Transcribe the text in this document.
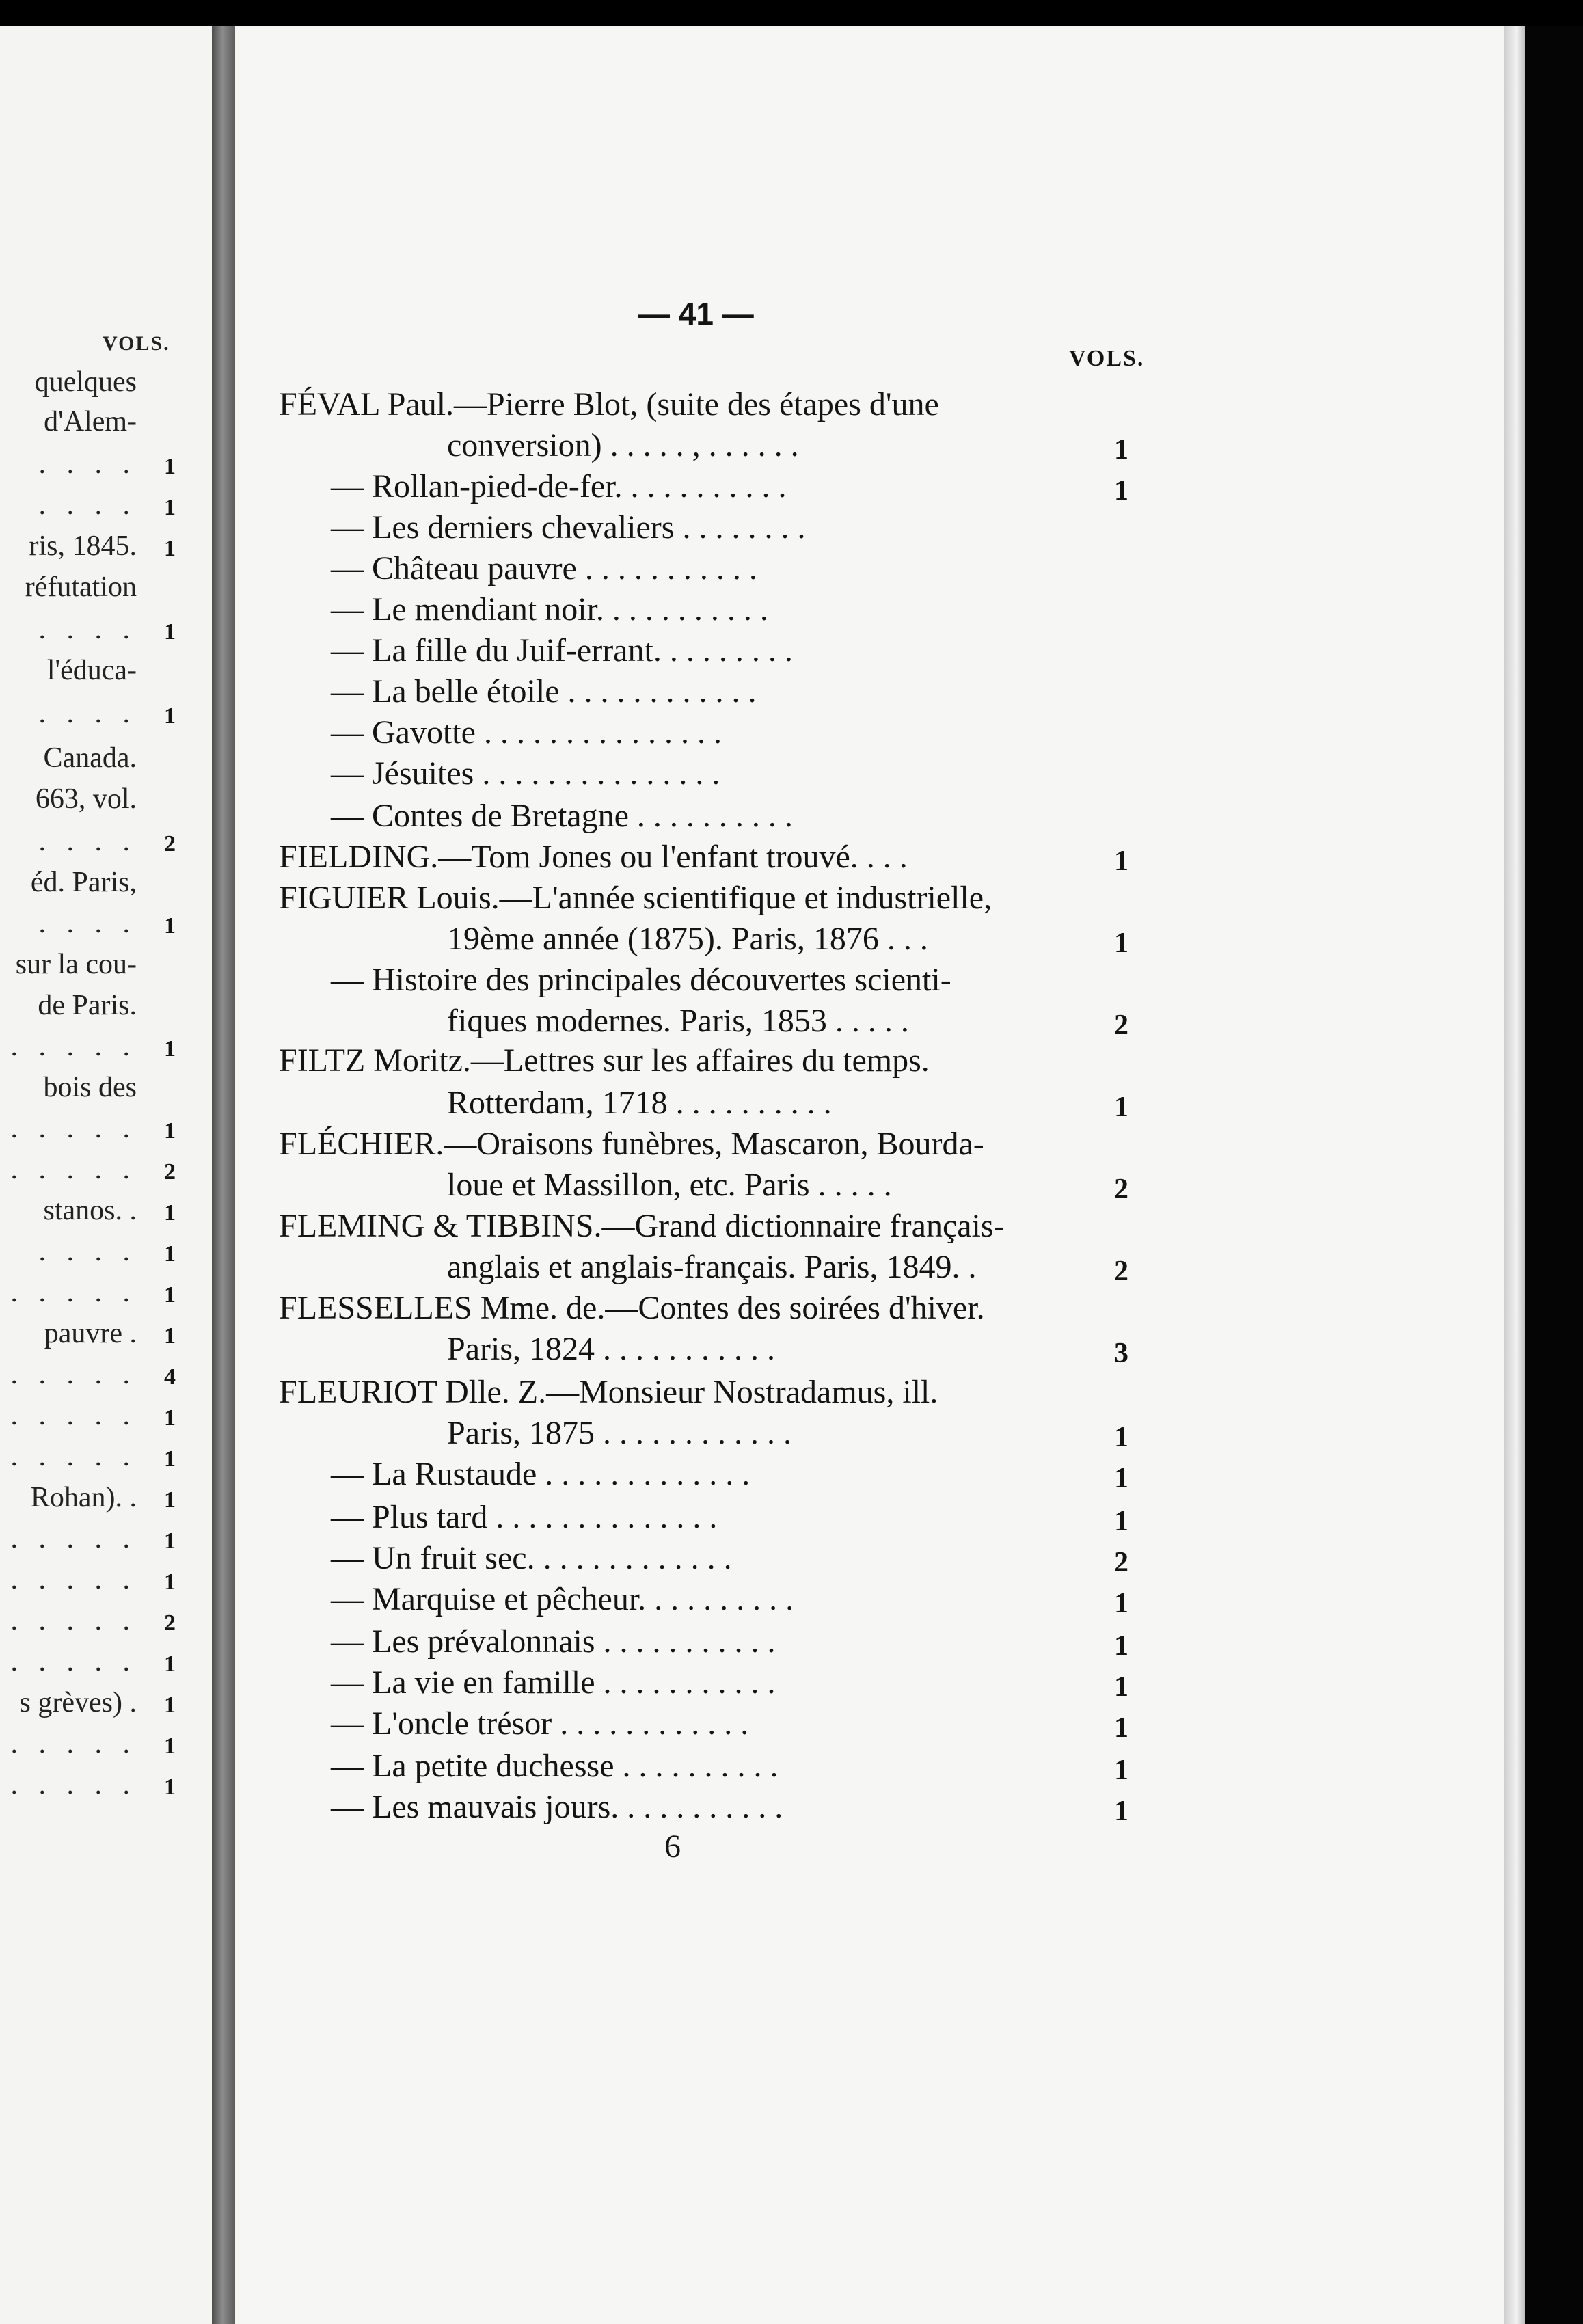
VOLS.
quelques
d'Alem-
. . . . 1
. . . . 1
ris, 1845. 1
réfutation
. . . . 1
l'éduca-
. . . . 1
Canada.
663, vol.
. . . . 2
éd. Paris,
. . . . 1
sur la cou-
de Paris.
. . . . . 1
bois des
. . . . . 1
. . . . . 2
stanos. . 1
. . . . 1
. . . . . 1
pauvre . 1
. . . . . 4
. . . . . 1
. . . . . 1
Rohan). . 1
. . . . . 1
. . . . . 1
. . . . . 2
. . . . . 1
s grèves) . 1
. . . . . 1
. . . . . 1
— 41 —
VOLS.
FÉVAL Paul.—Pierre Blot, (suite des étapes d'une
conversion) . . . . . , . . . . . .	1
— Rollan-pied-de-fer. . . . . . . . . . .	1
— Les derniers chevaliers . . . . . . . .
— Château pauvre . . . . . . . . . . .
— Le mendiant noir. . . . . . . . . . .
— La fille du Juif-errant. . . . . . . . .
— La belle étoile . . . . . . . . . . . .
— Gavotte . . . . . . . . . . . . . . .
— Jésuites . . . . . . . . . . . . . . .
— Contes de Bretagne . . . . . . . . . .
FIELDING.—Tom Jones ou l'enfant trouvé. . . .	1
FIGUIER Louis.—L'année scientifique et industrielle,
19ème année (1875). Paris, 1876 . . .	1
— Histoire des principales découvertes scienti-
fiques modernes. Paris, 1853 . . . . .	2
FILTZ Moritz.—Lettres sur les affaires du temps.
Rotterdam, 1718 . . . . . . . . . .	1
FLÉCHIER.—Oraisons funèbres, Mascaron, Bourda-
loue et Massillon, etc. Paris . . . . .	2
FLEMING & TIBBINS.—Grand dictionnaire français-
anglais et anglais-français. Paris, 1849. .	2
FLESSELLES Mme. de.—Contes des soirées d'hiver.
Paris, 1824 . . . . . . . . . . .	3
FLEURIOT Dlle. Z.—Monsieur Nostradamus, ill.
Paris, 1875 . . . . . . . . . . . .	1
— La Rustaude . . . . . . . . . . . . .	1
— Plus tard . . . . . . . . . . . . . .	1
— Un fruit sec. . . . . . . . . . . . .	2
— Marquise et pêcheur. . . . . . . . . .	1
— Les prévalonnais . . . . . . . . . . .	1
— La vie en famille . . . . . . . . . . .	1
— L'oncle trésor . . . . . . . . . . . .	1
— La petite duchesse . . . . . . . . . .	1
— Les mauvais jours. . . . . . . . . . .	1
6
